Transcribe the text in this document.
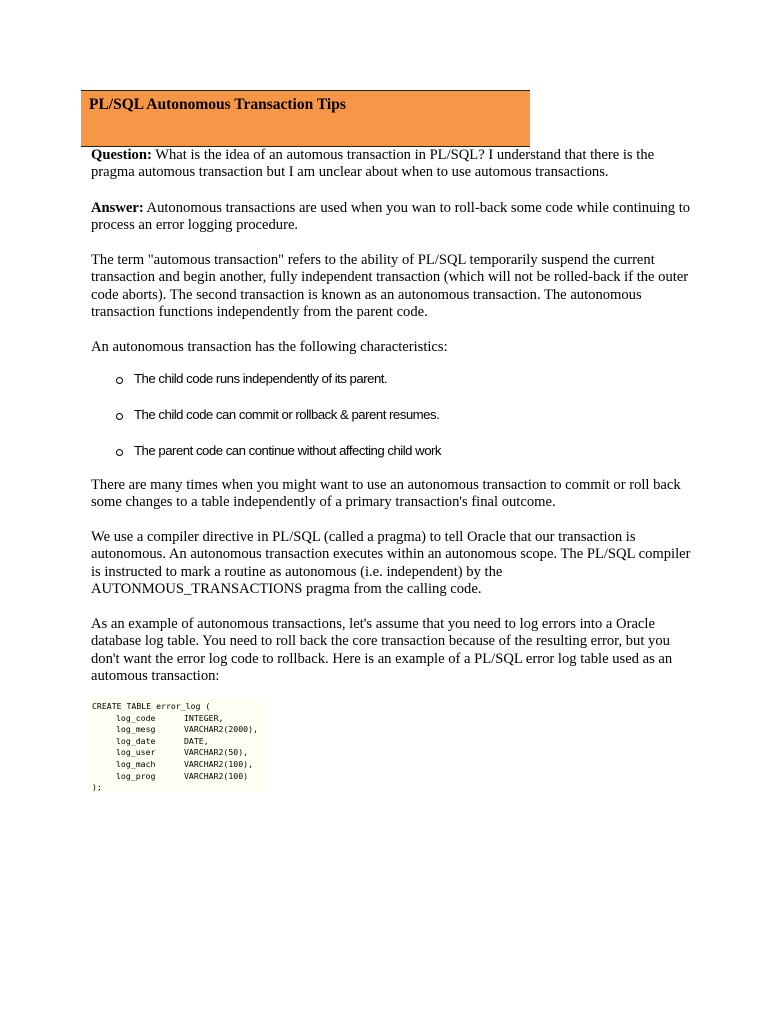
PL/SQL Autonomous Transaction Tips

Question: What is the idea of an automous transaction in PL/SQL? I understand that there is the pragma automous transaction but I am unclear about when to use automous transactions.

Answer: Autonomous transactions are used when you wan to roll-back some code while continuing to process an error logging procedure.

The term "automous transaction" refers to the ability of PL/SQL temporarily suspend the current transaction and begin another, fully independent transaction (which will not be rolled-back if the outer code aborts). The second transaction is known as an autonomous transaction. The autonomous transaction functions independently from the parent code.

An autonomous transaction has the following characteristics:

The child code runs independently of its parent.
The child code can commit or rollback & parent resumes.
The parent code can continue without affecting child work

There are many times when you might want to use an autonomous transaction to commit or roll back some changes to a table independently of a primary transaction's final outcome.

We use a compiler directive in PL/SQL (called a pragma) to tell Oracle that our transaction is autonomous. An autonomous transaction executes within an autonomous scope. The PL/SQL compiler is instructed to mark a routine as autonomous (i.e. independent) by the AUTONMOUS_TRANSACTIONS pragma from the calling code.

As an example of autonomous transactions, let's assume that you need to log errors into a Oracle database log table. You need to roll back the core transaction because of the resulting error, but you don't want the error log code to rollback. Here is an example of a PL/SQL error log table used as an automous transaction:

CREATE TABLE error_log (
log_code	INTEGER,
log_mesg	VARCHAR2(2000),
log_date	DATE,
log_user	VARCHAR2(50),
log_mach	VARCHAR2(100),
log_prog	VARCHAR2(100)
);
